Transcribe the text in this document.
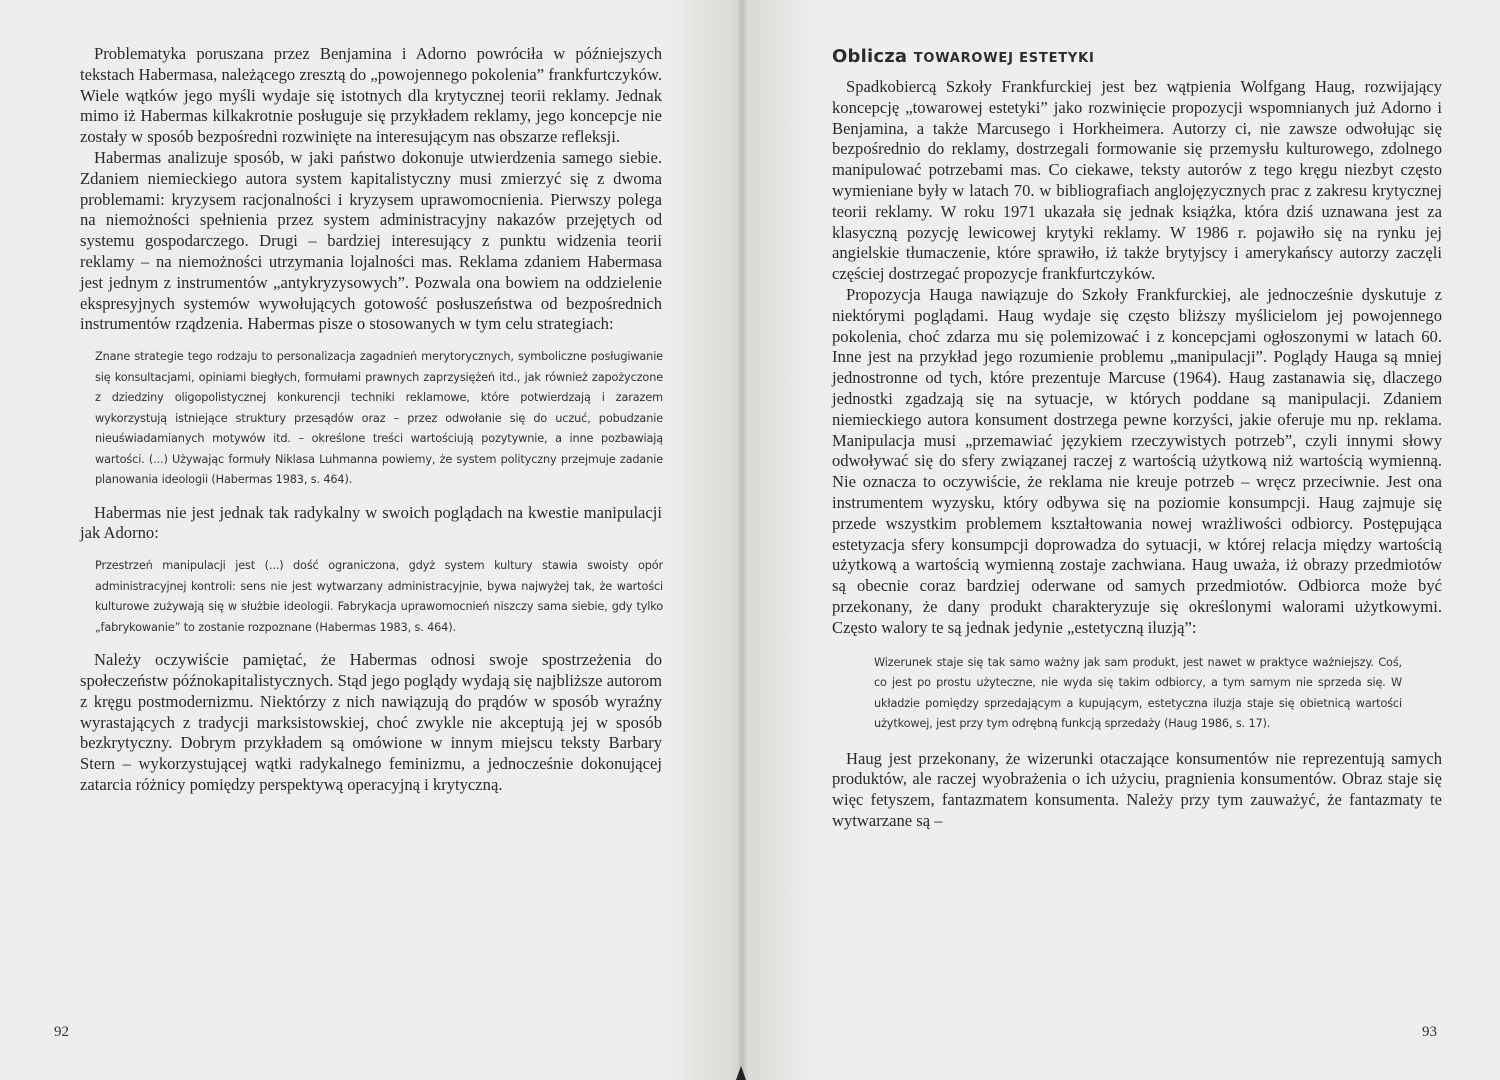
Problematyka poruszana przez Benjamina i Adorno powróciła w późniejszych tekstach Habermasa, należącego zresztą do „powojennego pokolenia” frankfurtczyków. Wiele wątków jego myśli wydaje się istotnych dla krytycznej teorii reklamy. Jednak mimo iż Habermas kilkakrotnie posługuje się przykładem reklamy, jego koncepcje nie zostały w sposób bezpośredni rozwinięte na interesującym nas obszarze refleksji.

Habermas analizuje sposób, w jaki państwo dokonuje utwierdzenia samego siebie. Zdaniem niemieckiego autora system kapitalistyczny musi zmierzyć się z dwoma problemami: kryzysem racjonalności i kryzysem uprawomocnienia. Pierwszy polega na niemożności spełnienia przez system administracyjny nakazów przejętych od systemu gospodarczego. Drugi – bardziej interesujący z punktu widzenia teorii reklamy – na niemożności utrzymania lojalności mas. Reklama zdaniem Habermasa jest jednym z instrumentów „antykryzysowych”. Pozwala ona bowiem na oddzielenie ekspresyjnych systemów wywołujących gotowość posłuszeństwa od bezpośrednich instrumentów rządzenia. Habermas pisze o stosowanych w tym celu strategiach:

Znane strategie tego rodzaju to personalizacja zagadnień merytorycznych, symboliczne posługiwanie się konsultacjami, opiniami biegłych, formułami prawnych zaprzysiężeń itd., jak również zapożyczone z dziedziny oligopolistycznej konkurencji techniki reklamowe, które potwierdzają i zarazem wykorzystują istniejące struktury przesądów oraz – przez odwołanie się do uczuć, pobudzanie nieuświadamianych motywów itd. – określone treści wartościują pozytywnie, a inne pozbawiają wartości. (...) Używając formuły Niklasa Luhmanna powiemy, że system polityczny przejmuje zadanie planowania ideologii (Habermas 1983, s. 464).

Habermas nie jest jednak tak radykalny w swoich poglądach na kwestie manipulacji jak Adorno:

Przestrzeń manipulacji jest (...) dość ograniczona, gdyż system kultury stawia swoisty opór administracyjnej kontroli: sens nie jest wytwarzany administracyjnie, bywa najwyżej tak, że wartości kulturowe zużywają się w służbie ideologii. Fabrykacja uprawomocnień niszczy sama siebie, gdy tylko „fabrykowanie” to zostanie rozpoznane (Habermas 1983, s. 464).

Należy oczywiście pamiętać, że Habermas odnosi swoje spostrzeżenia do społeczeństw późnokapitalistycznych. Stąd jego poglądy wydają się najbliższe autorom z kręgu postmodernizmu. Niektórzy z nich nawiązują do prądów w sposób wyraźny wyrastających z tradycji marksistowskiej, choć zwykle nie akceptują jej w sposób bezkrytyczny. Dobrym przykładem są omówione w innym miejscu teksty Barbary Stern – wykorzystującej wątki radykalnego feminizmu, a jednocześnie dokonującej zatarcia różnicy pomiędzy perspektywą operacyjną i krytyczną.

92
Oblicza TOWAROWEJ ESTETYKI

Spadkobiercą Szkoły Frankfurckiej jest bez wątpienia Wolfgang Haug, rozwijający koncepcję „towarowej estetyki” jako rozwinięcie propozycji wspomnianych już Adorno i Benjamina, a także Marcusego i Horkheimera. Autorzy ci, nie zawsze odwołując się bezpośrednio do reklamy, dostrzegali formowanie się przemysłu kulturowego, zdolnego manipulować potrzebami mas. Co ciekawe, teksty autorów z tego kręgu niezbyt często wymieniane były w latach 70. w bibliografiach anglojęzycznych prac z zakresu krytycznej teorii reklamy. W roku 1971 ukazała się jednak książka, która dziś uznawana jest za klasyczną pozycję lewicowej krytyki reklamy. W 1986 r. pojawiło się na rynku jej angielskie tłumaczenie, które sprawiło, iż także brytyjscy i amerykańscy autorzy zaczęli częściej dostrzegać propozycje frankfurtczyków.

Propozycja Hauga nawiązuje do Szkoły Frankfurckiej, ale jednocześnie dyskutuje z niektórymi poglądami. Haug wydaje się często bliższy myślicielom jej powojennego pokolenia, choć zdarza mu się polemizować i z koncepcjami ogłoszonymi w latach 60. Inne jest na przykład jego rozumienie problemu „manipulacji”. Poglądy Hauga są mniej jednostronne od tych, które prezentuje Marcuse (1964). Haug zastanawia się, dlaczego jednostki zgadzają się na sytuacje, w których poddane są manipulacji. Zdaniem niemieckiego autora konsument dostrzega pewne korzyści, jakie oferuje mu np. reklama. Manipulacja musi „przemawiać językiem rzeczywistych potrzeb”, czyli innymi słowy odwoływać się do sfery związanej raczej z wartością użytkową niż wartością wymienną. Nie oznacza to oczywiście, że reklama nie kreuje potrzeb – wręcz przeciwnie. Jest ona instrumentem wyzysku, który odbywa się na poziomie konsumpcji. Haug zajmuje się przede wszystkim problemem kształtowania nowej wrażliwości odbiorcy. Postępująca estetyzacja sfery konsumpcji doprowadza do sytuacji, w której relacja między wartością użytkową a wartością wymienną zostaje zachwiana. Haug uważa, iż obrazy przedmiotów są obecnie coraz bardziej oderwane od samych przedmiotów. Odbiorca może być przekonany, że dany produkt charakteryzuje się określonymi walorami użytkowymi. Często walory te są jednak jedynie „estetyczną iluzją”:

Wizerunek staje się tak samo ważny jak sam produkt, jest nawet w praktyce ważniejszy. Coś, co jest po prostu użyteczne, nie wyda się takim odbiorcy, a tym samym nie sprzeda się. W układzie pomiędzy sprzedającym a kupującym, estetyczna iluzja staje się obietnicą wartości użytkowej, jest przy tym odrębną funkcją sprzedaży (Haug 1986, s. 17).

Haug jest przekonany, że wizerunki otaczające konsumentów nie reprezentują samych produktów, ale raczej wyobrażenia o ich użyciu, pragnienia konsumentów. Obraz staje się więc fetyszem, fantazmatem konsumenta. Należy przy tym zauważyć, że fantazmaty te wytwarzane są –

93
